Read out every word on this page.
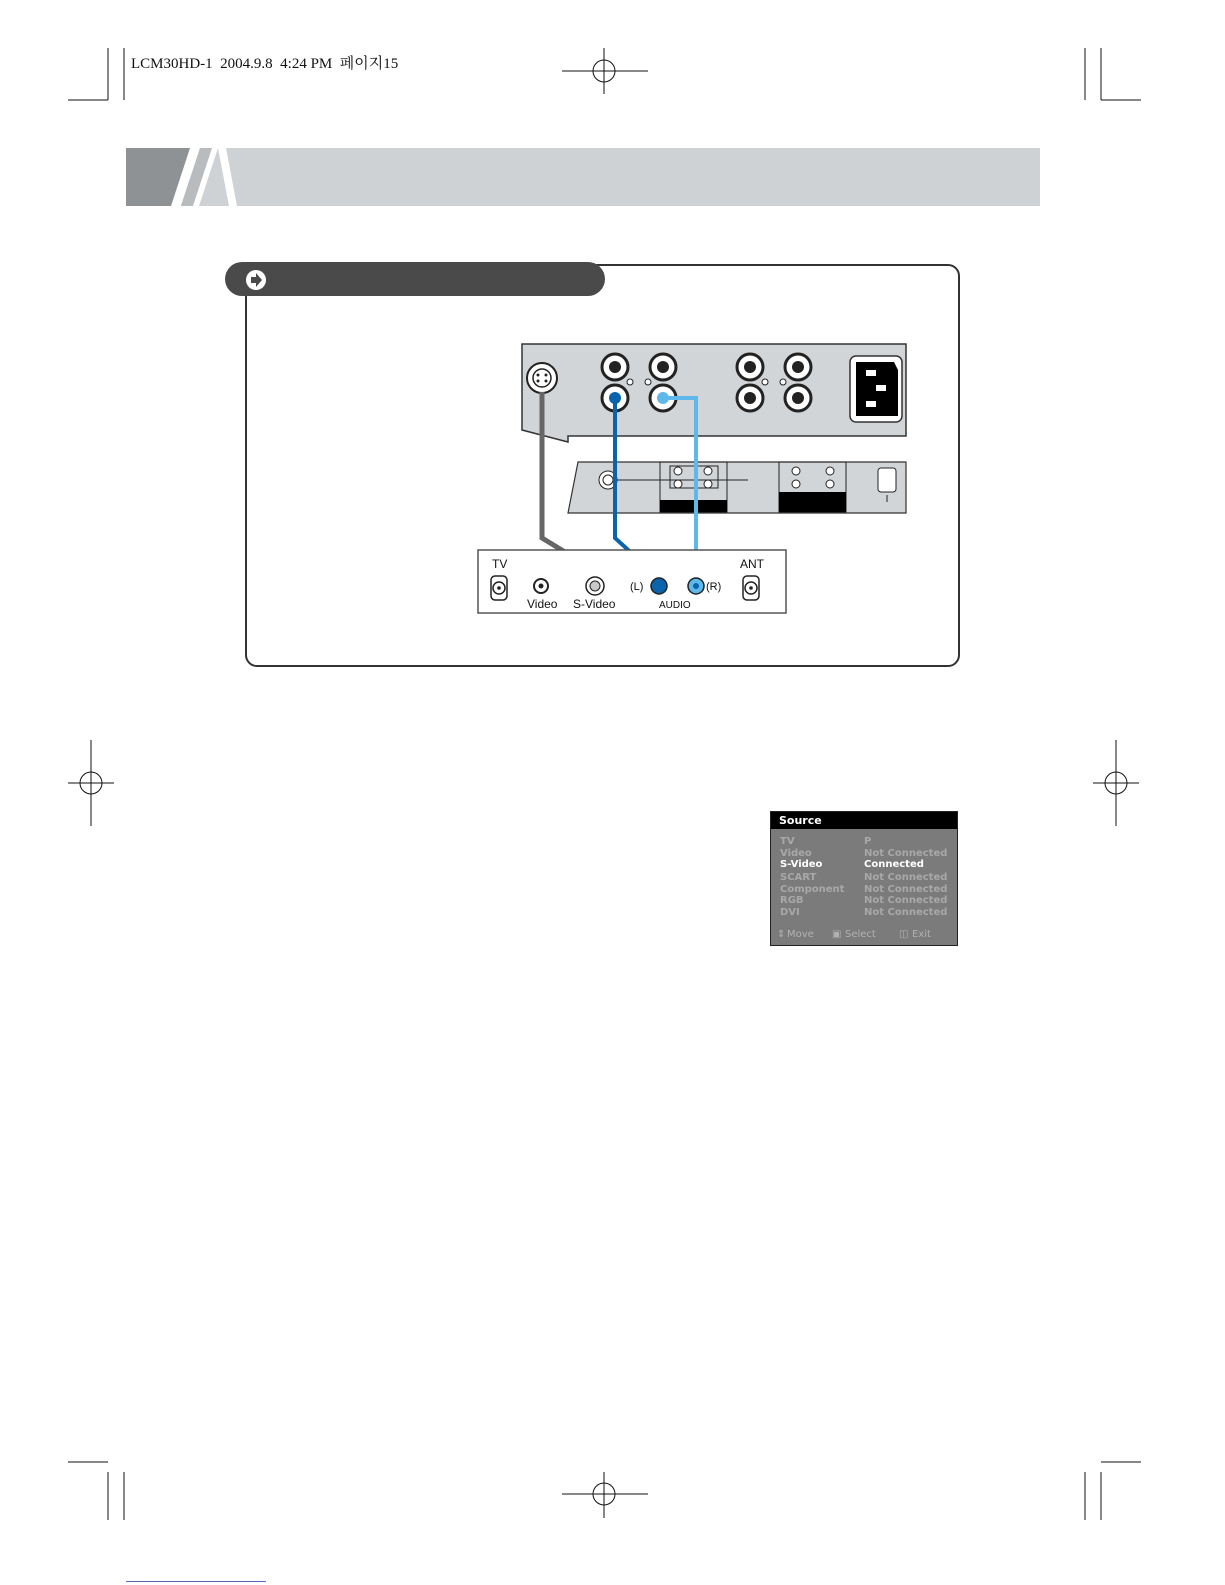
LCM30HD-1  2004.9.8  4:24 PM  페이지15
TV
Video S-Video
(L)	(R)
AUDIO
ANT
Source
TV	P
Video	Not Connected
S-Video	Connected
SCART	Not Connected
Component Not Connected
RGB	Not Connected
DVI	Not Connected
⇕ Move ▣ Select ◫ Exit
